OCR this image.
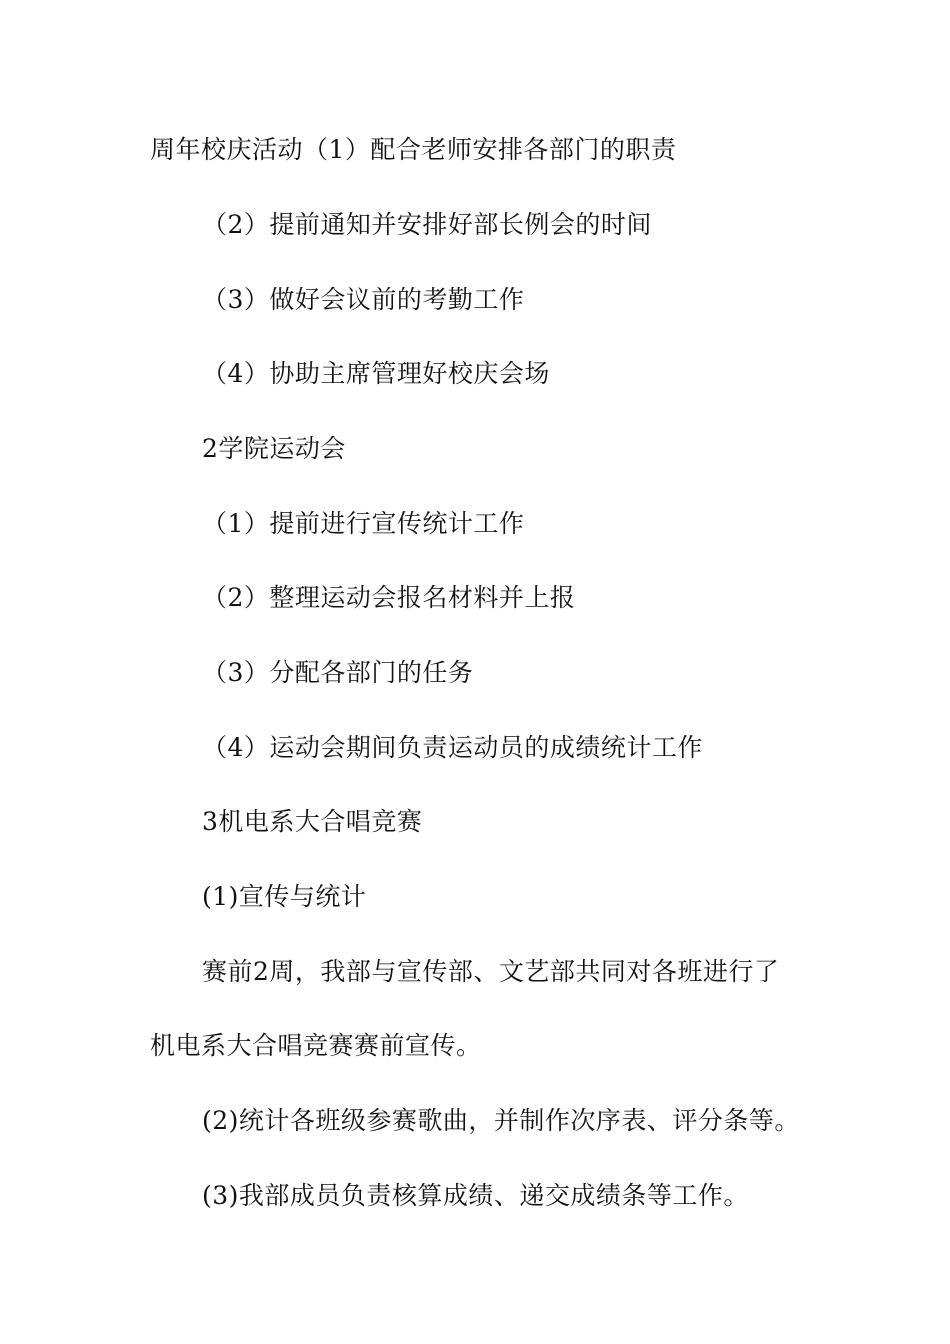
周年校庆活动（1）配合老师安排各部门的职责
（2）提前通知并安排好部长例会的时间
（3）做好会议前的考勤工作
（4）协助主席管理好校庆会场
2学院运动会
（1）提前进行宣传统计工作
（2）整理运动会报名材料并上报
（3）分配各部门的任务
（4）运动会期间负责运动员的成绩统计工作
3机电系大合唱竞赛
(1)宣传与统计
赛前2周，我部与宣传部、文艺部共同对各班进行了
机电系大合唱竞赛赛前宣传。
(2)统计各班级参赛歌曲，并制作次序表、评分条等。
(3)我部成员负责核算成绩、递交成绩条等工作。
